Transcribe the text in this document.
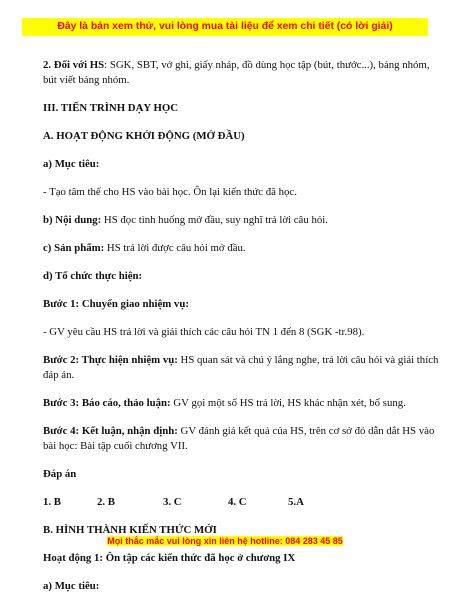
Đây là bản xem thử, vui lòng mua tài liệu để xem chi tiết (có lời giải)

2. Đối với HS: SGK, SBT, vở ghi, giấy nháp, đồ dùng học tập (bút, thước...), bảng nhóm,

bút viết bảng nhóm.

III. TIẾN TRÌNH DẠY HỌC

A. HOẠT ĐỘNG KHỞI ĐỘNG (MỞ ĐẦU)

a) Mục tiêu:

- Tạo tâm thế cho HS vào bài học. Ôn lại kiến thức đã học.

b) Nội dung: HS đọc tình huống mở đầu, suy nghĩ trả lời câu hỏi.

c) Sản phẩm: HS trả lời được câu hỏi mở đầu.

d) Tổ chức thực hiện:

Bước 1: Chuyển giao nhiệm vụ:

- GV yêu cầu HS trả lời và giải thích các câu hỏi TN 1 đến 8 (SGK -tr.98).

Bước 2: Thực hiện nhiệm vụ: HS quan sát và chú ý lắng nghe, trả lời câu hỏi và giải thích

đáp án.

Bước 3: Báo cáo, thảo luận: GV gọi một số HS trả lời, HS khác nhận xét, bổ sung.

Bước 4: Kết luận, nhận định: GV đánh giá kết quả của HS, trên cơ sở đó dẫn dắt HS vào

bài học: Bài tập cuối chương VII.

Đáp án

1. B	2. B	3. C	4. C	5.A

B. HÌNH THÀNH KIẾN THỨC MỚI

Hoạt động 1: Ôn tập các kiến thức đã học ở chương IX

a) Mục tiêu:

Mọi thắc mắc vui lòng xin liên hệ hotline: 084 283 45 85
